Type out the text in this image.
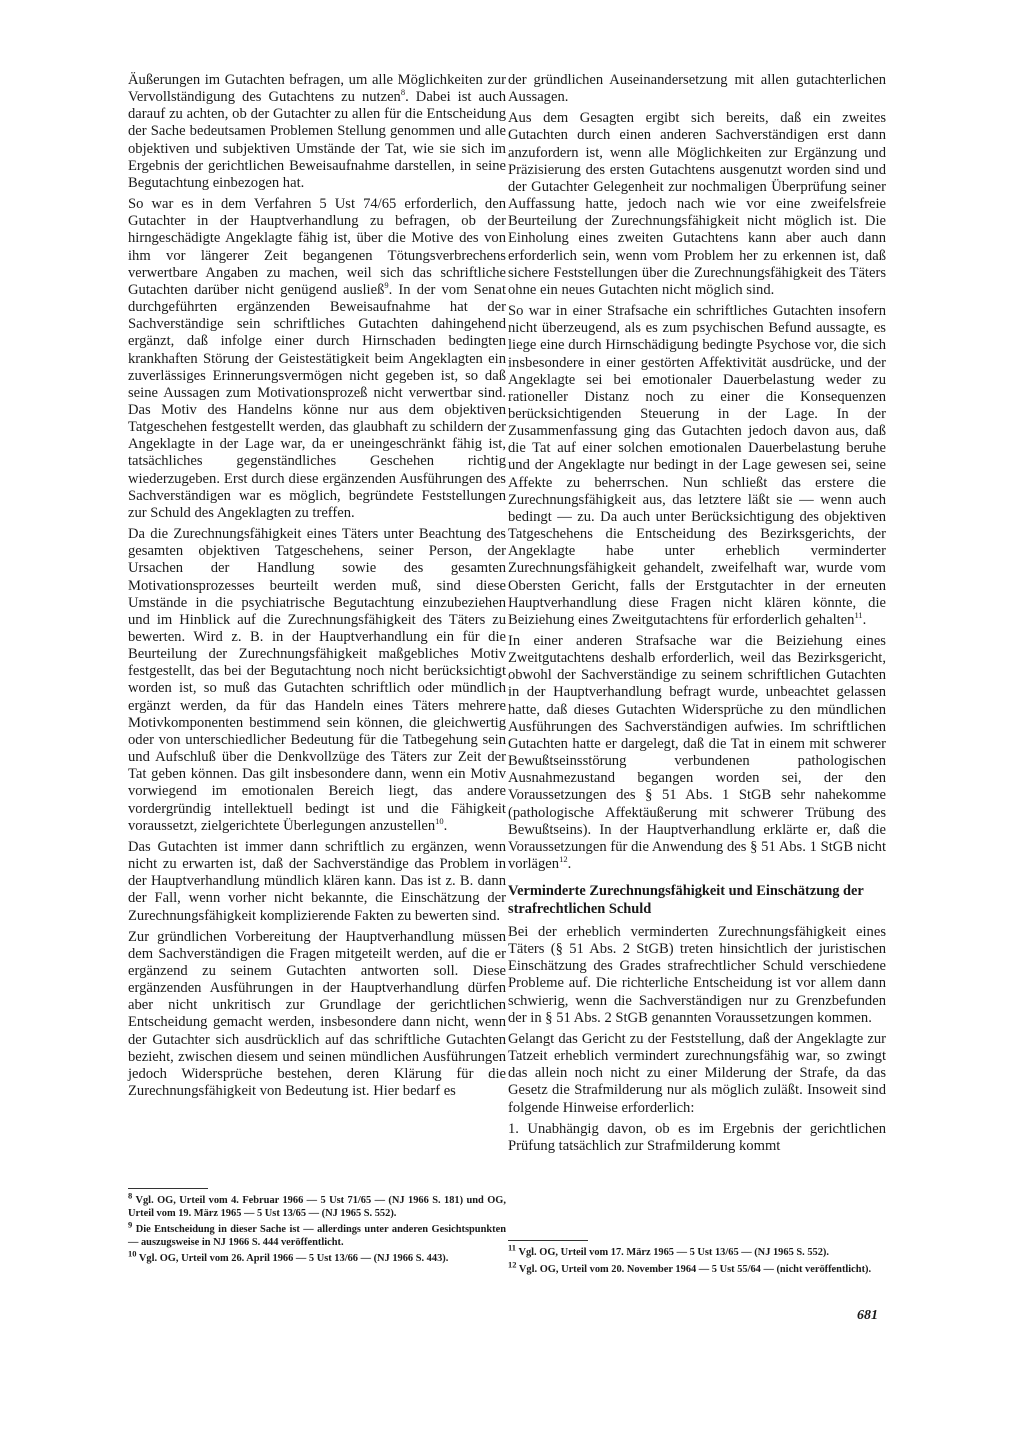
Äußerungen im Gutachten befragen, um alle Möglichkeiten zur Vervollständigung des Gutachtens zu nutzen$^8$. Dabei ist auch darauf zu achten, ob der Gutachter zu allen für die Entscheidung der Sache bedeutsamen Problemen Stellung genommen und alle objektiven und subjektiven Umstände der Tat, wie sie sich im Ergebnis der gerichtlichen Beweisaufnahme darstellen, in seine Begutachtung einbezogen hat.

So war es in dem Verfahren 5 Ust 74/65 erforderlich, den Gutachter in der Hauptverhandlung zu befragen, ob der hirngeschädigte Angeklagte fähig ist, über die Motive des von ihm vor längerer Zeit begangenen Tötungsverbrechens verwertbare Angaben zu machen, weil sich das schriftliche Gutachten darüber nicht genügend ausließ$^9$. In der vom Senat durchgeführten ergänzenden Beweisaufnahme hat der Sachverständige sein schriftliches Gutachten dahingehend ergänzt, daß infolge einer durch Hirnschaden bedingten krankhaften Störung der Geistestätigkeit beim Angeklagten ein zuverlässiges Erinnerungsvermögen nicht gegeben ist, so daß seine Aussagen zum Motivationsprozeß nicht verwertbar sind. Das Motiv des Handelns könne nur aus dem objektiven Tatgeschehen festgestellt werden, das glaubhaft zu schildern der Angeklagte in der Lage war, da er uneingeschränkt fähig ist, tatsächliches gegenständliches Geschehen richtig wiederzugeben. Erst durch diese ergänzenden Ausführungen des Sachverständigen war es möglich, begründete Feststellungen zur Schuld des Angeklagten zu treffen.

Da die Zurechnungsfähigkeit eines Täters unter Beachtung des gesamten objektiven Tatgeschehens, seiner Person, der Ursachen der Handlung sowie des gesamten Motivationsprozesses beurteilt werden muß, sind diese Umstände in die psychiatrische Begutachtung einzubeziehen und im Hinblick auf die Zurechnungsfähigkeit des Täters zu bewerten. Wird z. B. in der Hauptverhandlung ein für die Beurteilung der Zurechnungsfähigkeit maßgebliches Motiv festgestellt, das bei der Begutachtung noch nicht berücksichtigt worden ist, so muß das Gutachten schriftlich oder mündlich ergänzt werden, da für das Handeln eines Täters mehrere Motivkomponenten bestimmend sein können, die gleichwertig oder von unterschiedlicher Bedeutung für die Tatbegehung sein und Aufschluß über die Denkvollzüge des Täters zur Zeit der Tat geben können. Das gilt insbesondere dann, wenn ein Motiv vorwiegend im emotionalen Bereich liegt, das andere vordergründig intellektuell bedingt ist und die Fähigkeit voraussetzt, zielgerichtete Überlegungen anzustellen$^{10}$.

Das Gutachten ist immer dann schriftlich zu ergänzen, wenn nicht zu erwarten ist, daß der Sachverständige das Problem in der Hauptverhandlung mündlich klären kann. Das ist z. B. dann der Fall, wenn vorher nicht bekannte, die Einschätzung der Zurechnungsfähigkeit komplizierende Fakten zu bewerten sind.

Zur gründlichen Vorbereitung der Hauptverhandlung müssen dem Sachverständigen die Fragen mitgeteilt werden, auf die er ergänzend zu seinem Gutachten antworten soll. Diese ergänzenden Ausführungen in der Hauptverhandlung dürfen aber nicht unkritisch zur Grundlage der gerichtlichen Entscheidung gemacht werden, insbesondere dann nicht, wenn der Gutachter sich ausdrücklich auf das schriftliche Gutachten bezieht, zwischen diesem und seinen mündlichen Ausführungen jedoch Widersprüche bestehen, deren Klärung für die Zurechnungsfähigkeit von Bedeutung ist. Hier bedarf es

$^8$ Vgl. OG, Urteil vom 4. Februar 1966 — 5 Ust 71/65 — (NJ 1966 S. 181) und OG, Urteil vom 19. März 1965 — 5 Ust 13/65 — (NJ 1965 S. 552).

$^9$ Die Entscheidung in dieser Sache ist — allerdings unter anderen Gesichtspunkten — auszugsweise in NJ 1966 S. 444 veröffentlicht.

$^{10}$ Vgl. OG, Urteil vom 26. April 1966 — 5 Ust 13/66 — (NJ 1966 S. 443).

der gründlichen Auseinandersetzung mit allen gutachterlichen Aussagen.

Aus dem Gesagten ergibt sich bereits, daß ein zweites Gutachten durch einen anderen Sachverständigen erst dann anzufordern ist, wenn alle Möglichkeiten zur Ergänzung und Präzisierung des ersten Gutachtens ausgenutzt worden sind und der Gutachter Gelegenheit zur nochmaligen Überprüfung seiner Auffassung hatte, jedoch nach wie vor eine zweifelsfreie Beurteilung der Zurechnungsfähigkeit nicht möglich ist. Die Einholung eines zweiten Gutachtens kann aber auch dann erforderlich sein, wenn vom Problem her zu erkennen ist, daß sichere Feststellungen über die Zurechnungsfähigkeit des Täters ohne ein neues Gutachten nicht möglich sind.

So war in einer Strafsache ein schriftliches Gutachten insofern nicht überzeugend, als es zum psychischen Befund aussagte, es liege eine durch Hirnschädigung bedingte Psychose vor, die sich insbesondere in einer gestörten Affektivität ausdrücke, und der Angeklagte sei bei emotionaler Dauerbelastung weder zu rationeller Distanz noch zu einer die Konsequenzen berücksichtigenden Steuerung in der Lage. In der Zusammenfassung ging das Gutachten jedoch davon aus, daß die Tat auf einer solchen emotionalen Dauerbelastung beruhe und der Angeklagte nur bedingt in der Lage gewesen sei, seine Affekte zu beherrschen. Nun schließt das erstere die Zurechnungsfähigkeit aus, das letztere läßt sie — wenn auch bedingt — zu. Da auch unter Berücksichtigung des objektiven Tatgeschehens die Entscheidung des Bezirksgerichts, der Angeklagte habe unter erheblich verminderter Zurechnungsfähigkeit gehandelt, zweifelhaft war, wurde vom Obersten Gericht, falls der Erstgutachter in der erneuten Hauptverhandlung diese Fragen nicht klären könnte, die Beiziehung eines Zweitgutachtens für erforderlich gehalten$^{11}$.

In einer anderen Strafsache war die Beiziehung eines Zweitgutachtens deshalb erforderlich, weil das Bezirksgericht, obwohl der Sachverständige zu seinem schriftlichen Gutachten in der Hauptverhandlung befragt wurde, unbeachtet gelassen hatte, daß dieses Gutachten Widersprüche zu den mündlichen Ausführungen des Sachverständigen aufwies. Im schriftlichen Gutachten hatte er dargelegt, daß die Tat in einem mit schwerer Bewußtseinsstörung verbundenen pathologischen Ausnahmezustand begangen worden sei, der den Voraussetzungen des § 51 Abs. 1 StGB sehr nahekomme (pathologische Affektäußerung mit schwerer Trübung des Bewußtseins). In der Hauptverhandlung erklärte er, daß die Voraussetzungen für die Anwendung des § 51 Abs. 1 StGB nicht vorlägen$^{12}$.

Verminderte Zurechnungsfähigkeit und Einschätzung der strafrechtlichen Schuld

Bei der erheblich verminderten Zurechnungsfähigkeit eines Täters (§ 51 Abs. 2 StGB) treten hinsichtlich der juristischen Einschätzung des Grades strafrechtlicher Schuld verschiedene Probleme auf. Die richterliche Entscheidung ist vor allem dann schwierig, wenn die Sachverständigen nur zu Grenzbefunden der in § 51 Abs. 2 StGB genannten Voraussetzungen kommen.

Gelangt das Gericht zu der Feststellung, daß der Angeklagte zur Tatzeit erheblich vermindert zurechnungsfähig war, so zwingt das allein noch nicht zu einer Milderung der Strafe, da das Gesetz die Strafmilderung nur als möglich zuläßt. Insoweit sind folgende Hinweise erforderlich:

1. Unabhängig davon, ob es im Ergebnis der gerichtlichen Prüfung tatsächlich zur Strafmilderung kommt

$^{11}$ Vgl. OG, Urteil vom 17. März 1965 — 5 Ust 13/65 — (NJ 1965 S. 552).

$^{12}$ Vgl. OG, Urteil vom 20. November 1964 — 5 Ust 55/64 — (nicht veröffentlicht).

681
